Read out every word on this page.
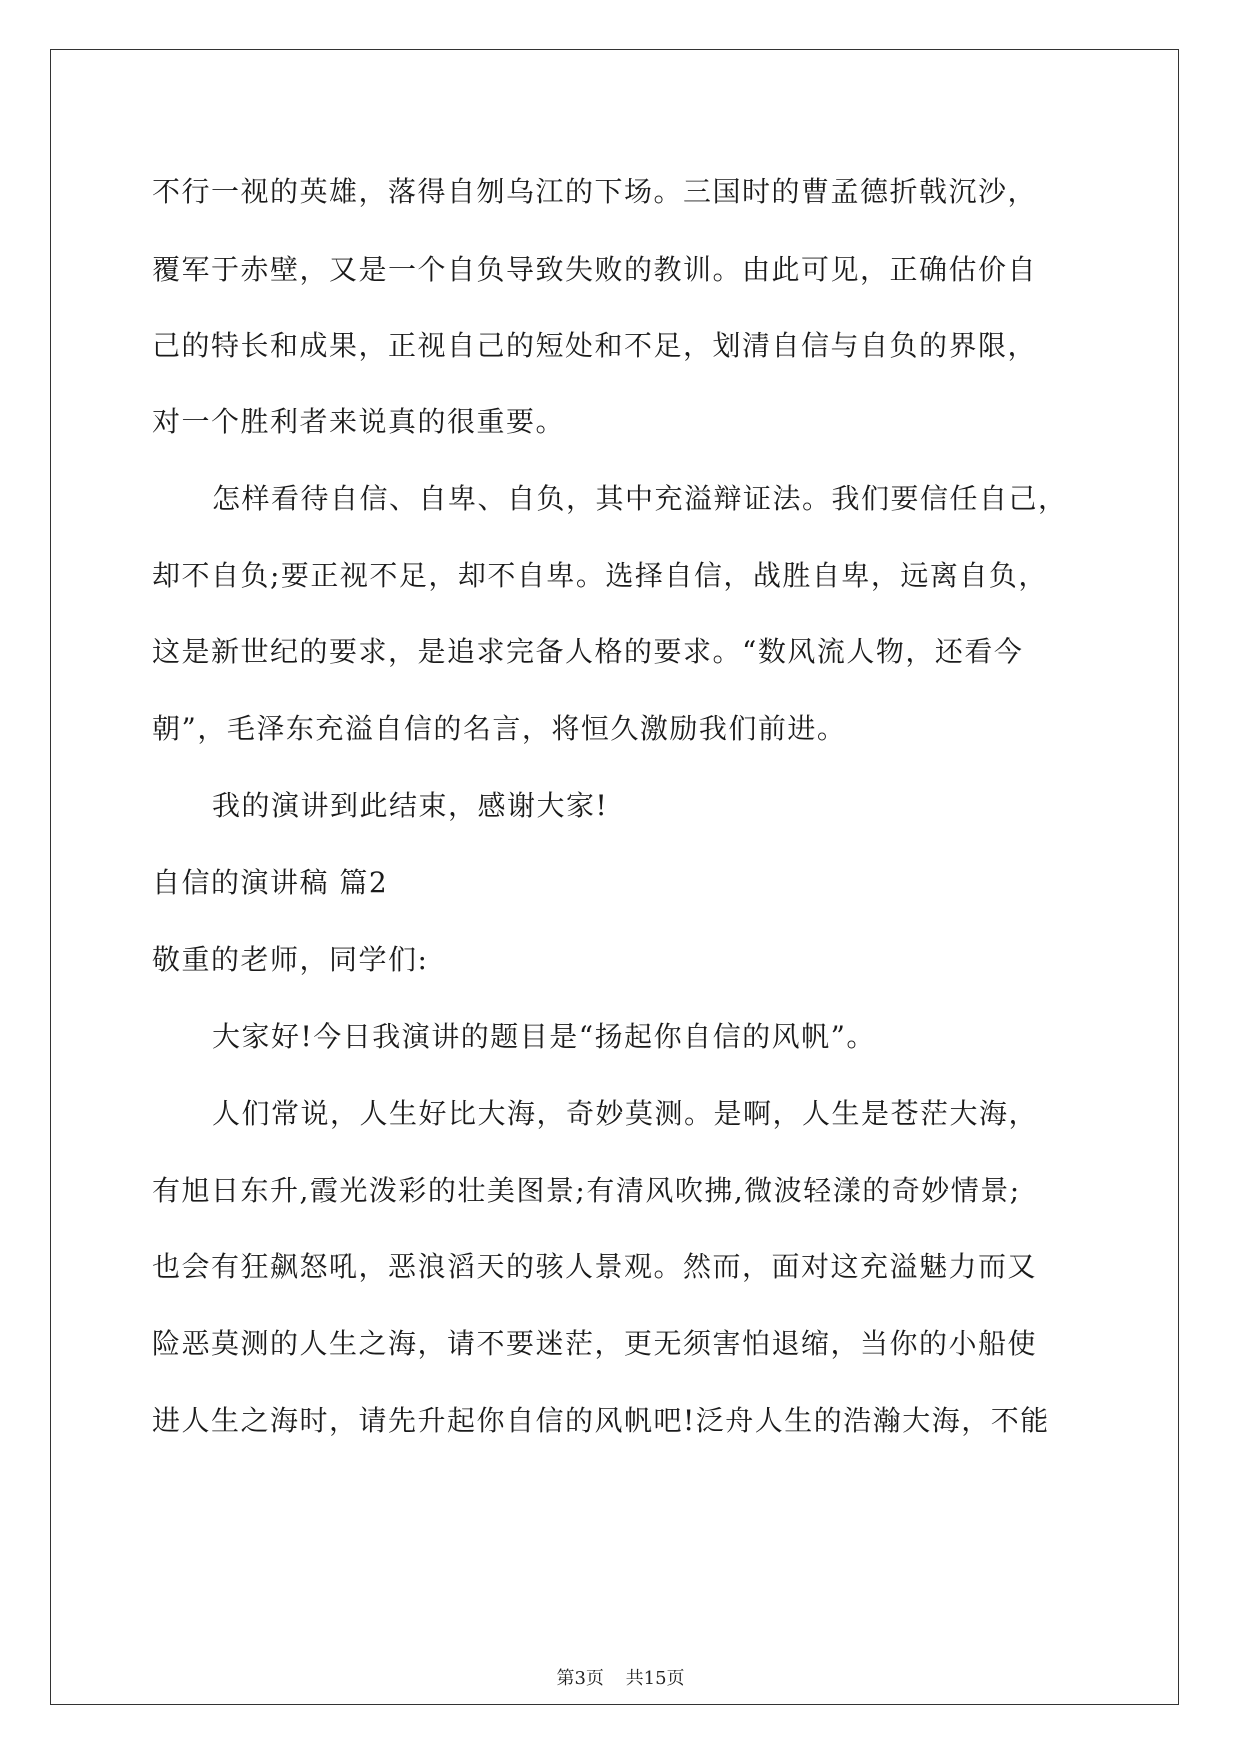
不行一视的英雄，落得自刎乌江的下场。三国时的曹孟德折戟沉沙，
覆军于赤壁，又是一个自负导致失败的教训。由此可见，正确估价自
己的特长和成果，正视自己的短处和不足，划清自信与自负的界限，
对一个胜利者来说真的很重要。
怎样看待自信、自卑、自负，其中充溢辩证法。我们要信任自己，
却不自负;要正视不足，却不自卑。选择自信，战胜自卑，远离自负，
这是新世纪的要求，是追求完备人格的要求。“数风流人物，还看今
朝”，毛泽东充溢自信的名言，将恒久激励我们前进。
我的演讲到此结束，感谢大家!
自信的演讲稿 篇2
敬重的老师，同学们:
大家好!今日我演讲的题目是“扬起你自信的风帆”。
人们常说，人生好比大海，奇妙莫测。是啊，人生是苍茫大海，
有旭日东升,霞光泼彩的壮美图景;有清风吹拂,微波轻漾的奇妙情景;
也会有狂飙怒吼，恶浪滔天的骇人景观。然而，面对这充溢魅力而又
险恶莫测的人生之海，请不要迷茫，更无须害怕退缩，当你的小船使
进人生之海时，请先升起你自信的风帆吧!泛舟人生的浩瀚大海，不能
第3页 共15页
